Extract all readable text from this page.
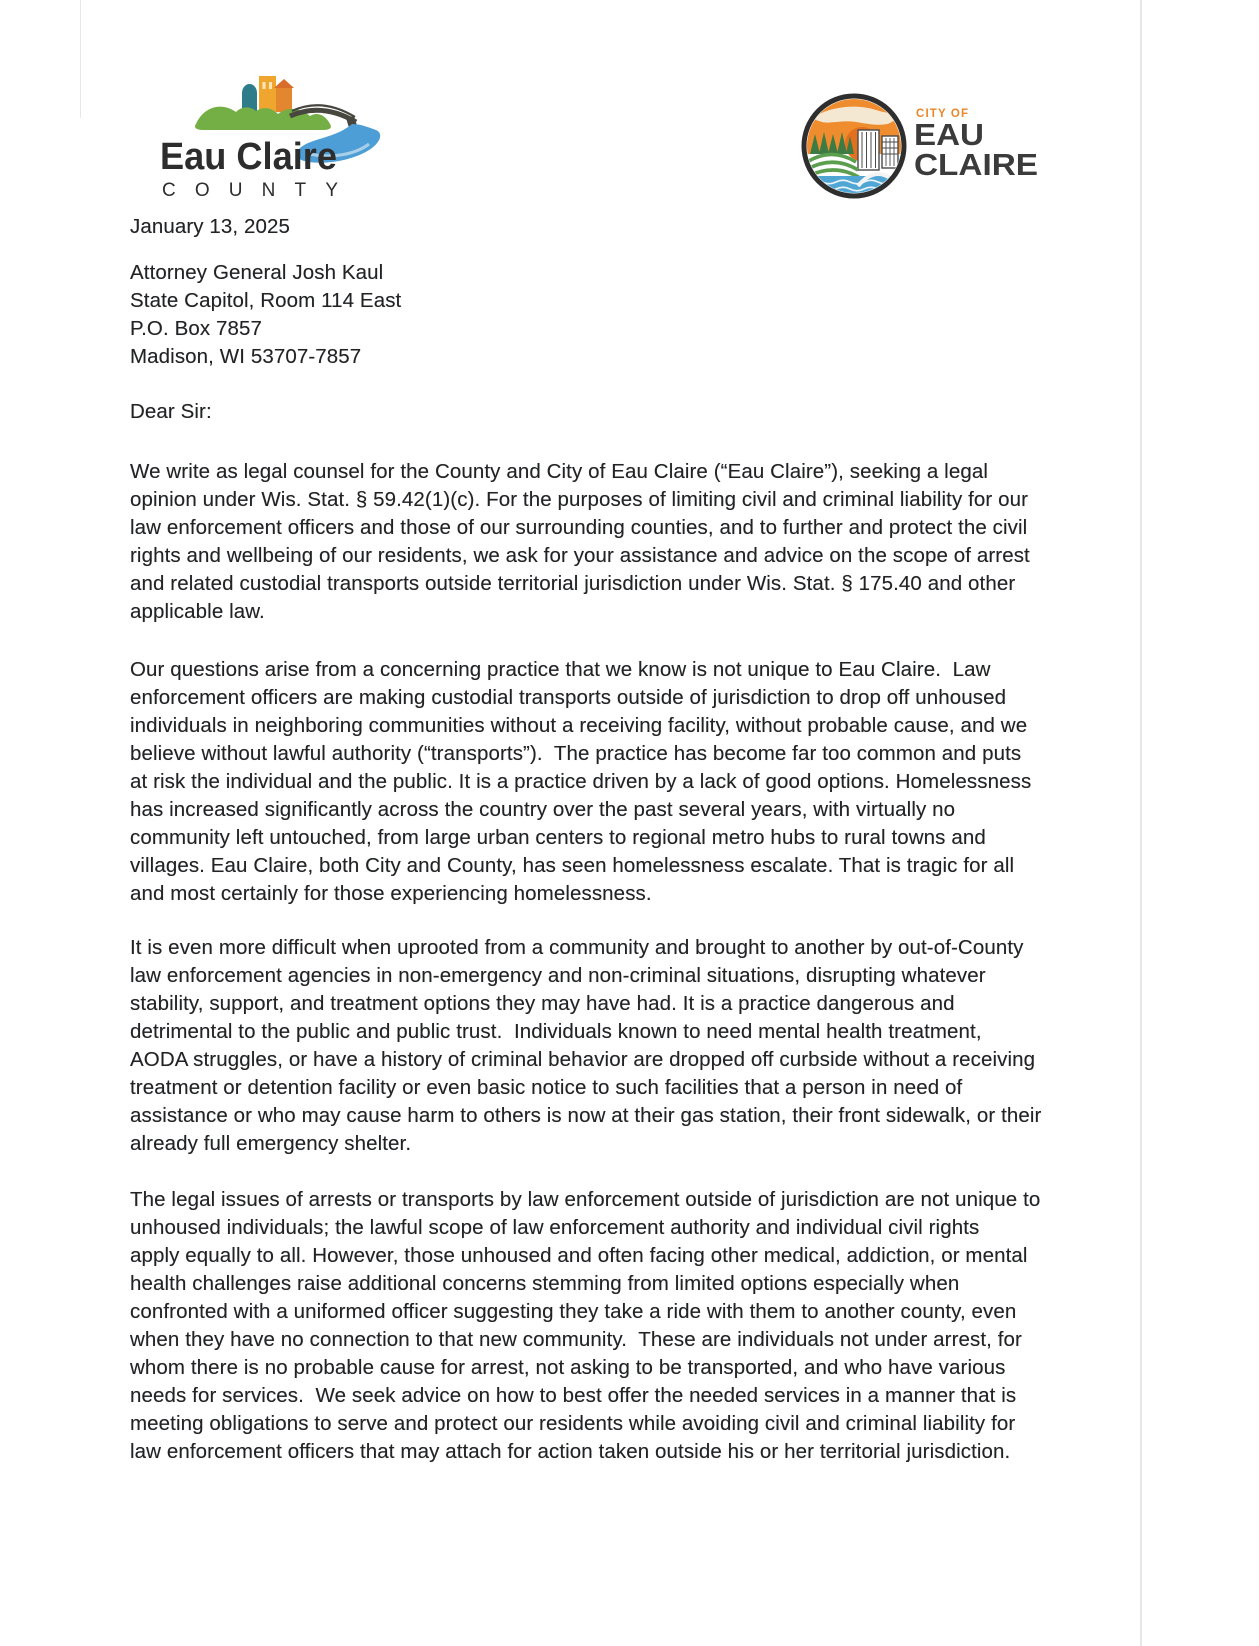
Eau Claire
COUNTY
CITY OF
EAU
CLAIRE
January 13, 2025
Attorney General Josh Kaul
State Capitol, Room 114 East
P.O. Box 7857
Madison, WI 53707-7857
Dear Sir:
We write as legal counsel for the County and City of Eau Claire (“Eau Claire”), seeking a legal
opinion under Wis. Stat. § 59.42(1)(c). For the purposes of limiting civil and criminal liability for our
law enforcement officers and those of our surrounding counties, and to further and protect the civil
rights and wellbeing of our residents, we ask for your assistance and advice on the scope of arrest
and related custodial transports outside territorial jurisdiction under Wis. Stat. § 175.40 and other
applicable law.
Our questions arise from a concerning practice that we know is not unique to Eau Claire.  Law
enforcement officers are making custodial transports outside of jurisdiction to drop off unhoused
individuals in neighboring communities without a receiving facility, without probable cause, and we
believe without lawful authority (“transports”).  The practice has become far too common and puts
at risk the individual and the public. It is a practice driven by a lack of good options. Homelessness
has increased significantly across the country over the past several years, with virtually no
community left untouched, from large urban centers to regional metro hubs to rural towns and
villages. Eau Claire, both City and County, has seen homelessness escalate. That is tragic for all
and most certainly for those experiencing homelessness.
It is even more difficult when uprooted from a community and brought to another by out-of-County
law enforcement agencies in non-emergency and non-criminal situations, disrupting whatever
stability, support, and treatment options they may have had. It is a practice dangerous and
detrimental to the public and public trust.  Individuals known to need mental health treatment,
AODA struggles, or have a history of criminal behavior are dropped off curbside without a receiving
treatment or detention facility or even basic notice to such facilities that a person in need of
assistance or who may cause harm to others is now at their gas station, their front sidewalk, or their
already full emergency shelter.
The legal issues of arrests or transports by law enforcement outside of jurisdiction are not unique to
unhoused individuals; the lawful scope of law enforcement authority and individual civil rights
apply equally to all. However, those unhoused and often facing other medical, addiction, or mental
health challenges raise additional concerns stemming from limited options especially when
confronted with a uniformed officer suggesting they take a ride with them to another county, even
when they have no connection to that new community.  These are individuals not under arrest, for
whom there is no probable cause for arrest, not asking to be transported, and who have various
needs for services.  We seek advice on how to best offer the needed services in a manner that is
meeting obligations to serve and protect our residents while avoiding civil and criminal liability for
law enforcement officers that may attach for action taken outside his or her territorial jurisdiction.
